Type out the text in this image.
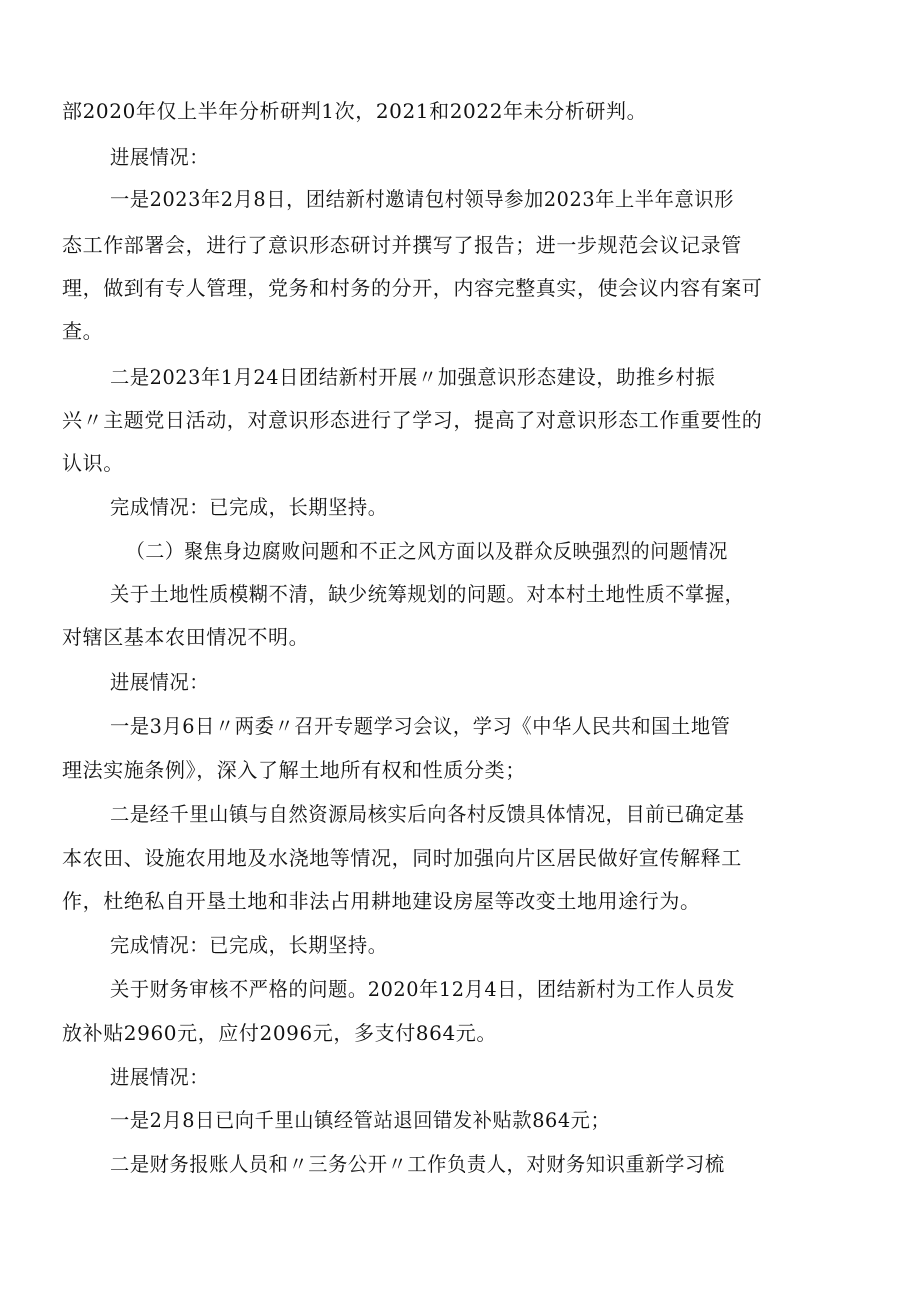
部2020年仅上半年分析研判1次，2021和2022年未分析研判。
进展情况：
一是2023年2月8日，团结新村邀请包村领导参加2023年上半年意识形
态工作部署会，进行了意识形态研讨并撰写了报告；进一步规范会议记录管
理，做到有专人管理，党务和村务的分开，内容完整真实，使会议内容有案可
查。
二是2023年1月24日团结新村开展〃加强意识形态建设，助推乡村振
兴〃主题党日活动，对意识形态进行了学习，提高了对意识形态工作重要性的
认识。
完成情况：已完成，长期坚持。
（二）聚焦身边腐败问题和不正之风方面以及群众反映强烈的问题情况
关于土地性质模糊不清，缺少统筹规划的问题。对本村土地性质不掌握，
对辖区基本农田情况不明。
进展情况：
一是3月6日〃两委〃召开专题学习会议，学习《中华人民共和国土地管
理法实施条例》，深入了解土地所有权和性质分类；
二是经千里山镇与自然资源局核实后向各村反馈具体情况，目前已确定基
本农田、设施农用地及水浇地等情况，同时加强向片区居民做好宣传解释工
作，杜绝私自开垦土地和非法占用耕地建设房屋等改变土地用途行为。
完成情况：已完成，长期坚持。
关于财务审核不严格的问题。2020年12月4日，团结新村为工作人员发
放补贴2960元，应付2096元，多支付864元。
进展情况：
一是2月8日已向千里山镇经管站退回错发补贴款864元；
二是财务报账人员和〃三务公开〃工作负责人，对财务知识重新学习梳
